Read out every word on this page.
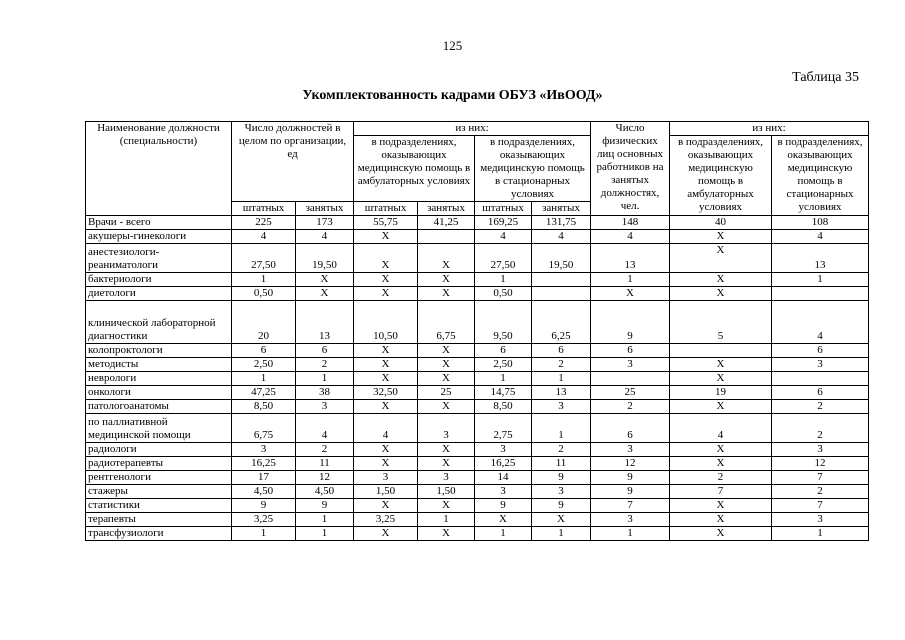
125
Таблица 35
Укомплектованность кадрами ОБУЗ «ИвООД»
Наименование должности (специальности)	Число должностей в целом по организации, ед		из них:				Число физических лиц основных работников на занятых должностях, чел.	из них:	
			в подразделениях, оказывающих медицинскую помощь в амбулаторных условиях		в подразделениях, оказывающих медицинскую помощь в стационарных условиях			в подразделениях, оказывающих медицинскую помощь в амбулаторных условиях	в подразделениях, оказывающих медицинскую помощь в стационарных условиях
	штатных	занятых	штатных	занятых	штатных	занятых			
Врачи - всего	225	173	55,75	41,25	169,25	131,75	148	40	108
акушеры-гинекологи	4	4	Х		4	4	4	Х	4
анестезиологи-реаниматологи	27,50	19,50	Х	Х	27,50	19,50	13	Х	13
бактериологи	1	Х	Х	Х	1		1	Х	1
диетологи	0,50	Х	Х	Х	0,50		Х	Х	
клинической лабораторной диагностики	20	13	10,50	6,75	9,50	6,25	9	5	4
колопроктологи	6	6	Х	Х	6	6	6		6
методисты	2,50	2	Х	Х	2,50	2	3	Х	3
неврологи	1	1	Х	Х	1	1		Х	
онкологи	47,25	38	32,50	25	14,75	13	25	19	6
патологоанатомы	8,50	3	Х	Х	8,50	3	2	Х	2
по паллиативной медицинской помощи	6,75	4	4	3	2,75	1	6	4	2
радиологи	3	2	Х	Х	3	2	3	Х	3
радиотерапевты	16,25	11	Х	Х	16,25	11	12	Х	12
рентгенологи	17	12	3	3	14	9	9	2	7
стажеры	4,50	4,50	1,50	1,50	3	3	9	7	2
статистики	9	9	Х	Х	9	9	7	Х	7
терапевты	3,25	1	3,25	1	Х	Х	3	Х	3
трансфузиологи	1	1	Х	Х	1	1	1	Х	1
